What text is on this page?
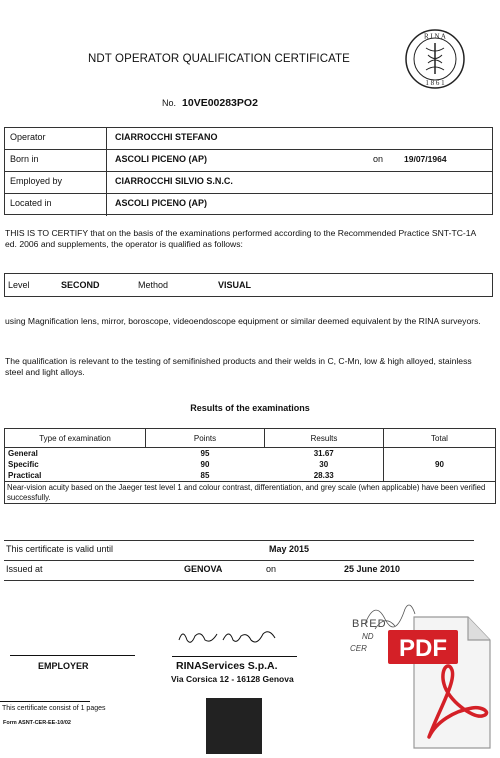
NDT OPERATOR QUALIFICATION CERTIFICATE
R I N A
1 8 6 1
No. 10VE00283PO2
Operator	CIARROCCHI STEFANO
Born in	ASCOLI PICENO (AP)	on 19/07/1964
Employed by	CIARROCCHI SILVIO S.N.C.
Located in	ASCOLI PICENO (AP)
THIS IS TO CERTIFY that on the basis of the examinations performed according to the Recommended Practice SNT-TC-1A ed. 2006 and supplements, the operator is qualified as follows:
Level	SECOND	Method	VISUAL
using Magnification lens, mirror, boroscope, videoendoscope equipment or similar deemed equivalent by the RINA surveyors.
The qualification is relevant to the testing of semifinished products and their welds in C, C-Mn, low & high alloyed, stainless steel and light alloys.
Results of the examinations
Type of examination	Points	Results	Total
General	95	31.67	90
Specific	90	30	
Practical	85	28.33	
Near-vision acuity based on the Jaeger test level 1 and colour contrast, differentiation, and grey scale (when applicable) have been verified successfully.			
This certificate is valid until	May 2015
Issued at	GENOVA	on	25 June 2010
BRED
ND
CER
EMPLOYER	RINAServices S.p.A.
Via Corsica 12 - 16128 Genova
This certificate consist of 1 pages
Form ASNT-CER-EE-10/02
PDF
